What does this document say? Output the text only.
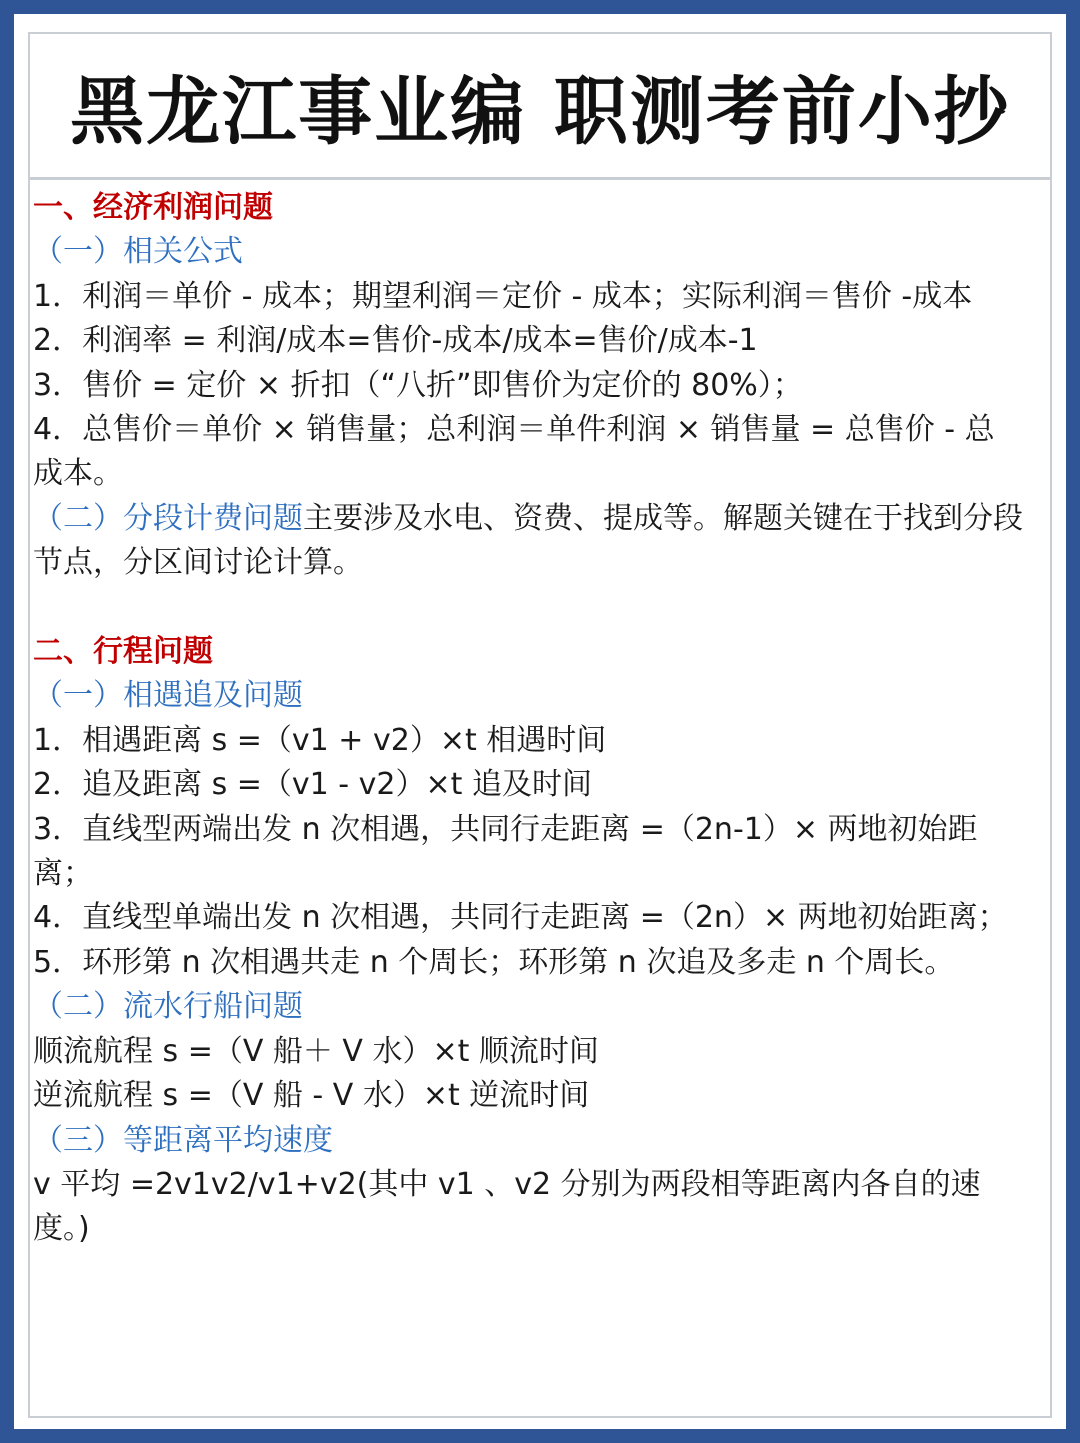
黑龙江事业编 职测考前小抄

一、经济利润问题

（一）相关公式

1．利润＝单价 - 成本；期望利润＝定价 - 成本；实际利润＝售价 -成本

2．利润率 = 利润/成本=售价-成本/成本=售价/成本-1

3．售价 = 定价 × 折扣（“八折”即售价为定价的 80%）；

4．总售价＝单价 × 销售量；总利润＝单件利润 × 销售量 = 总售价 - 总成本。

（二）分段计费问题主要涉及水电、资费、提成等。解题关键在于找到分段节点，分区间讨论计算。

二、行程问题

（一）相遇追及问题

1．相遇距离 s =（v1 + v2）×t 相遇时间

2．追及距离 s =（v1 - v2）×t 追及时间

3．直线型两端出发 n 次相遇，共同行走距离 =（2n-1）× 两地初始距离；

4．直线型单端出发 n 次相遇，共同行走距离 =（2n）× 两地初始距离；

5．环形第 n 次相遇共走 n 个周长；环形第 n 次追及多走 n 个周长。

（二）流水行船问题

顺流航程 s =（V 船＋ V 水）×t 顺流时间

逆流航程 s =（V 船 - V 水）×t 逆流时间

（三）等距离平均速度

v 平均 =2v1v2/v1+v2(其中 v1 、v2 分别为两段相等距离内各自的速度。)
